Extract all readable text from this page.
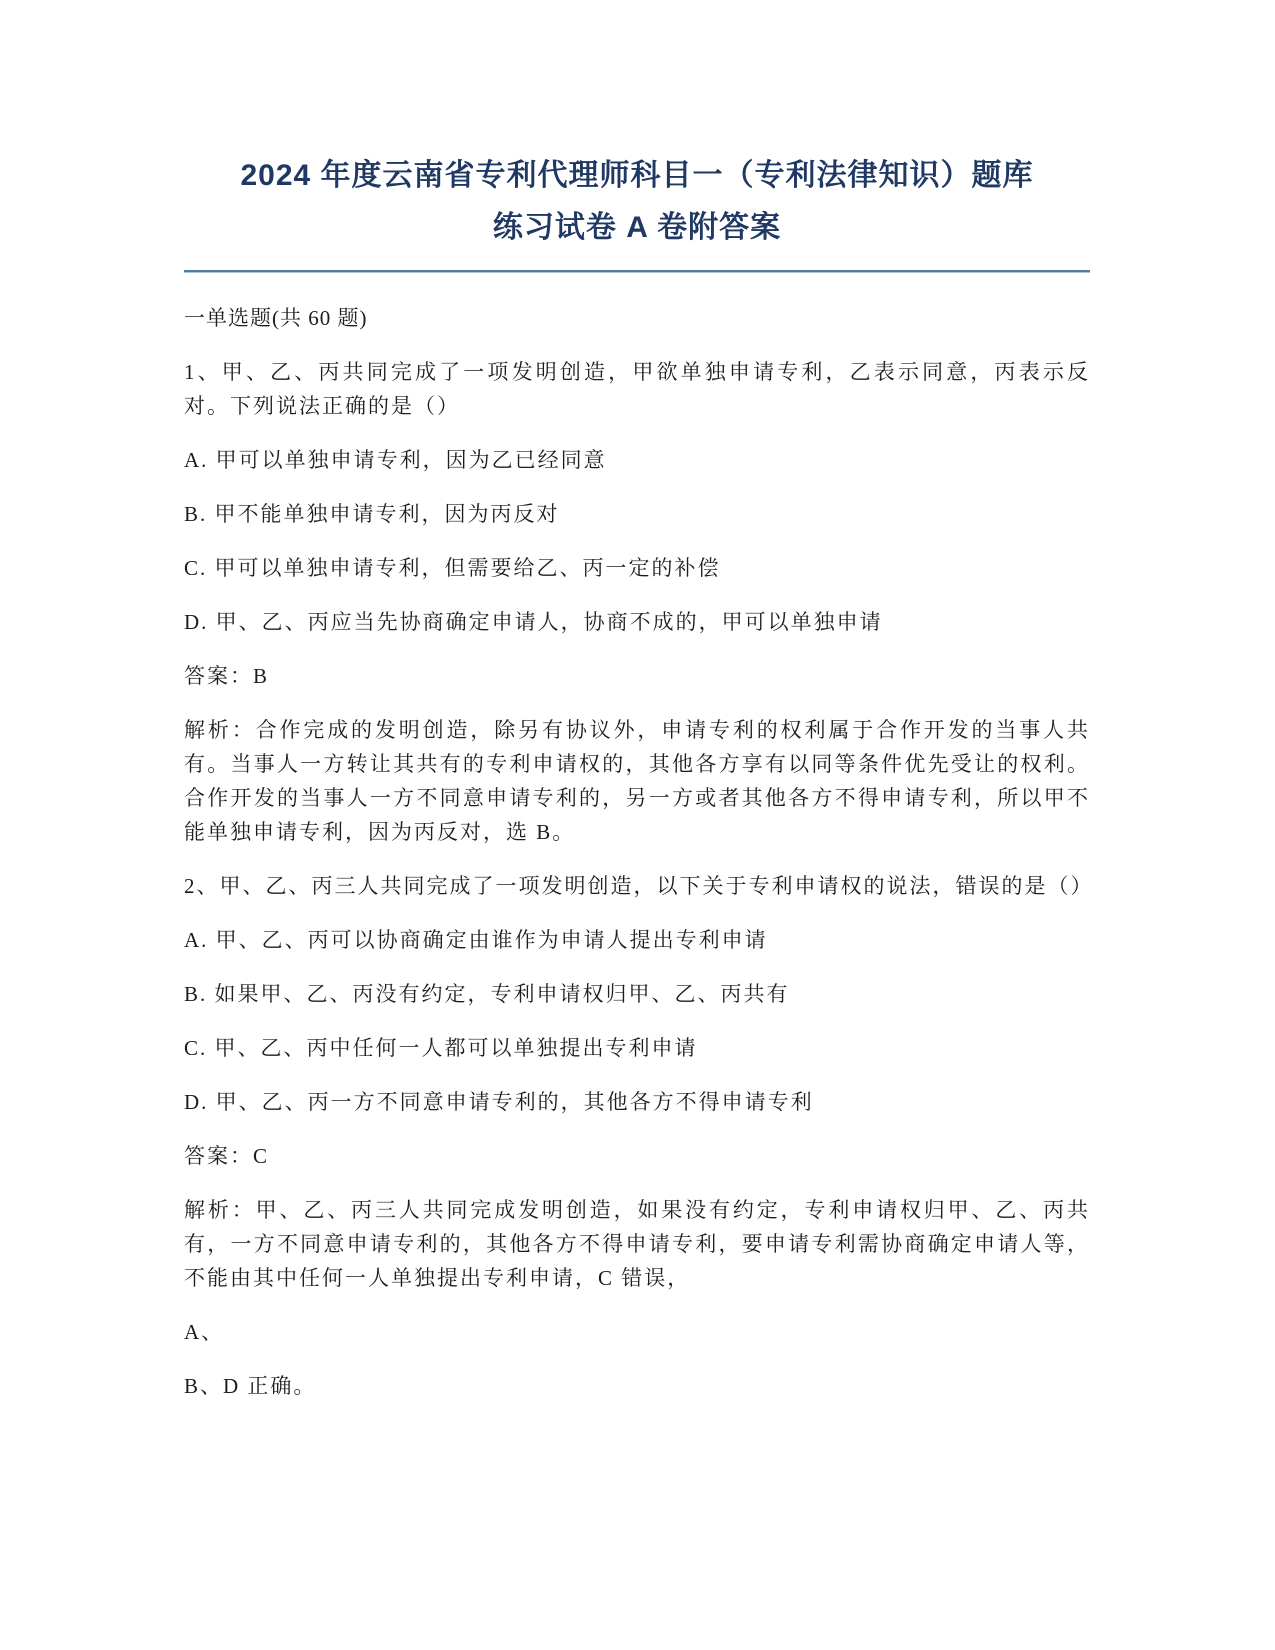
2024 年度云南省专利代理师科目一（专利法律知识）题库
练习试卷 A 卷附答案

一单选题(共 60 题)

1、甲、乙、丙共同完成了一项发明创造，甲欲单独申请专利，乙表示同意，丙表示反对。下列说法正确的是（）

A. 甲可以单独申请专利，因为乙已经同意

B. 甲不能单独申请专利，因为丙反对

C. 甲可以单独申请专利，但需要给乙、丙一定的补偿

D. 甲、乙、丙应当先协商确定申请人，协商不成的，甲可以单独申请

答案：B

解析：合作完成的发明创造，除另有协议外，申请专利的权利属于合作开发的当事人共有。当事人一方转让其共有的专利申请权的，其他各方享有以同等条件优先受让的权利。合作开发的当事人一方不同意申请专利的，另一方或者其他各方不得申请专利，所以甲不能单独申请专利，因为丙反对，选 B。

2、甲、乙、丙三人共同完成了一项发明创造，以下关于专利申请权的说法，错误的是（）

A. 甲、乙、丙可以协商确定由谁作为申请人提出专利申请

B. 如果甲、乙、丙没有约定，专利申请权归甲、乙、丙共有

C. 甲、乙、丙中任何一人都可以单独提出专利申请

D. 甲、乙、丙一方不同意申请专利的，其他各方不得申请专利

答案：C

解析：甲、乙、丙三人共同完成发明创造，如果没有约定，专利申请权归甲、乙、丙共有，一方不同意申请专利的，其他各方不得申请专利，要申请专利需协商确定申请人等，不能由其中任何一人单独提出专利申请，C 错误，

A、

B、D 正确。
